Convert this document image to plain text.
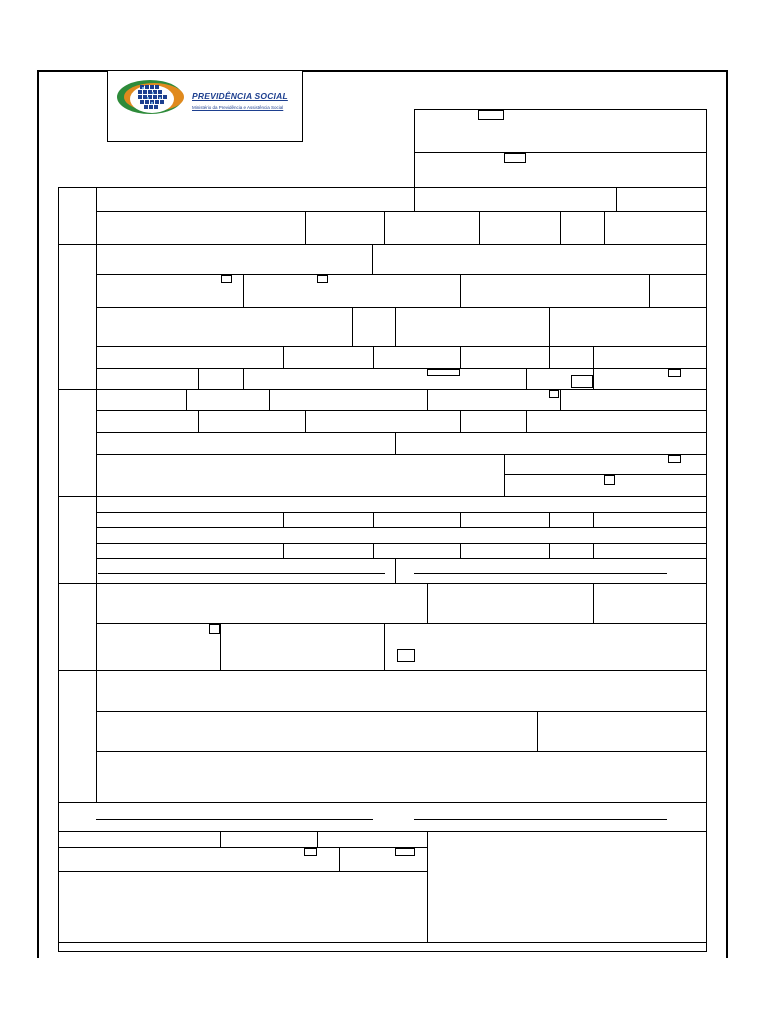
PREVIDÊNCIA SOCIAL
Ministério da Previdência e Assistência Social
